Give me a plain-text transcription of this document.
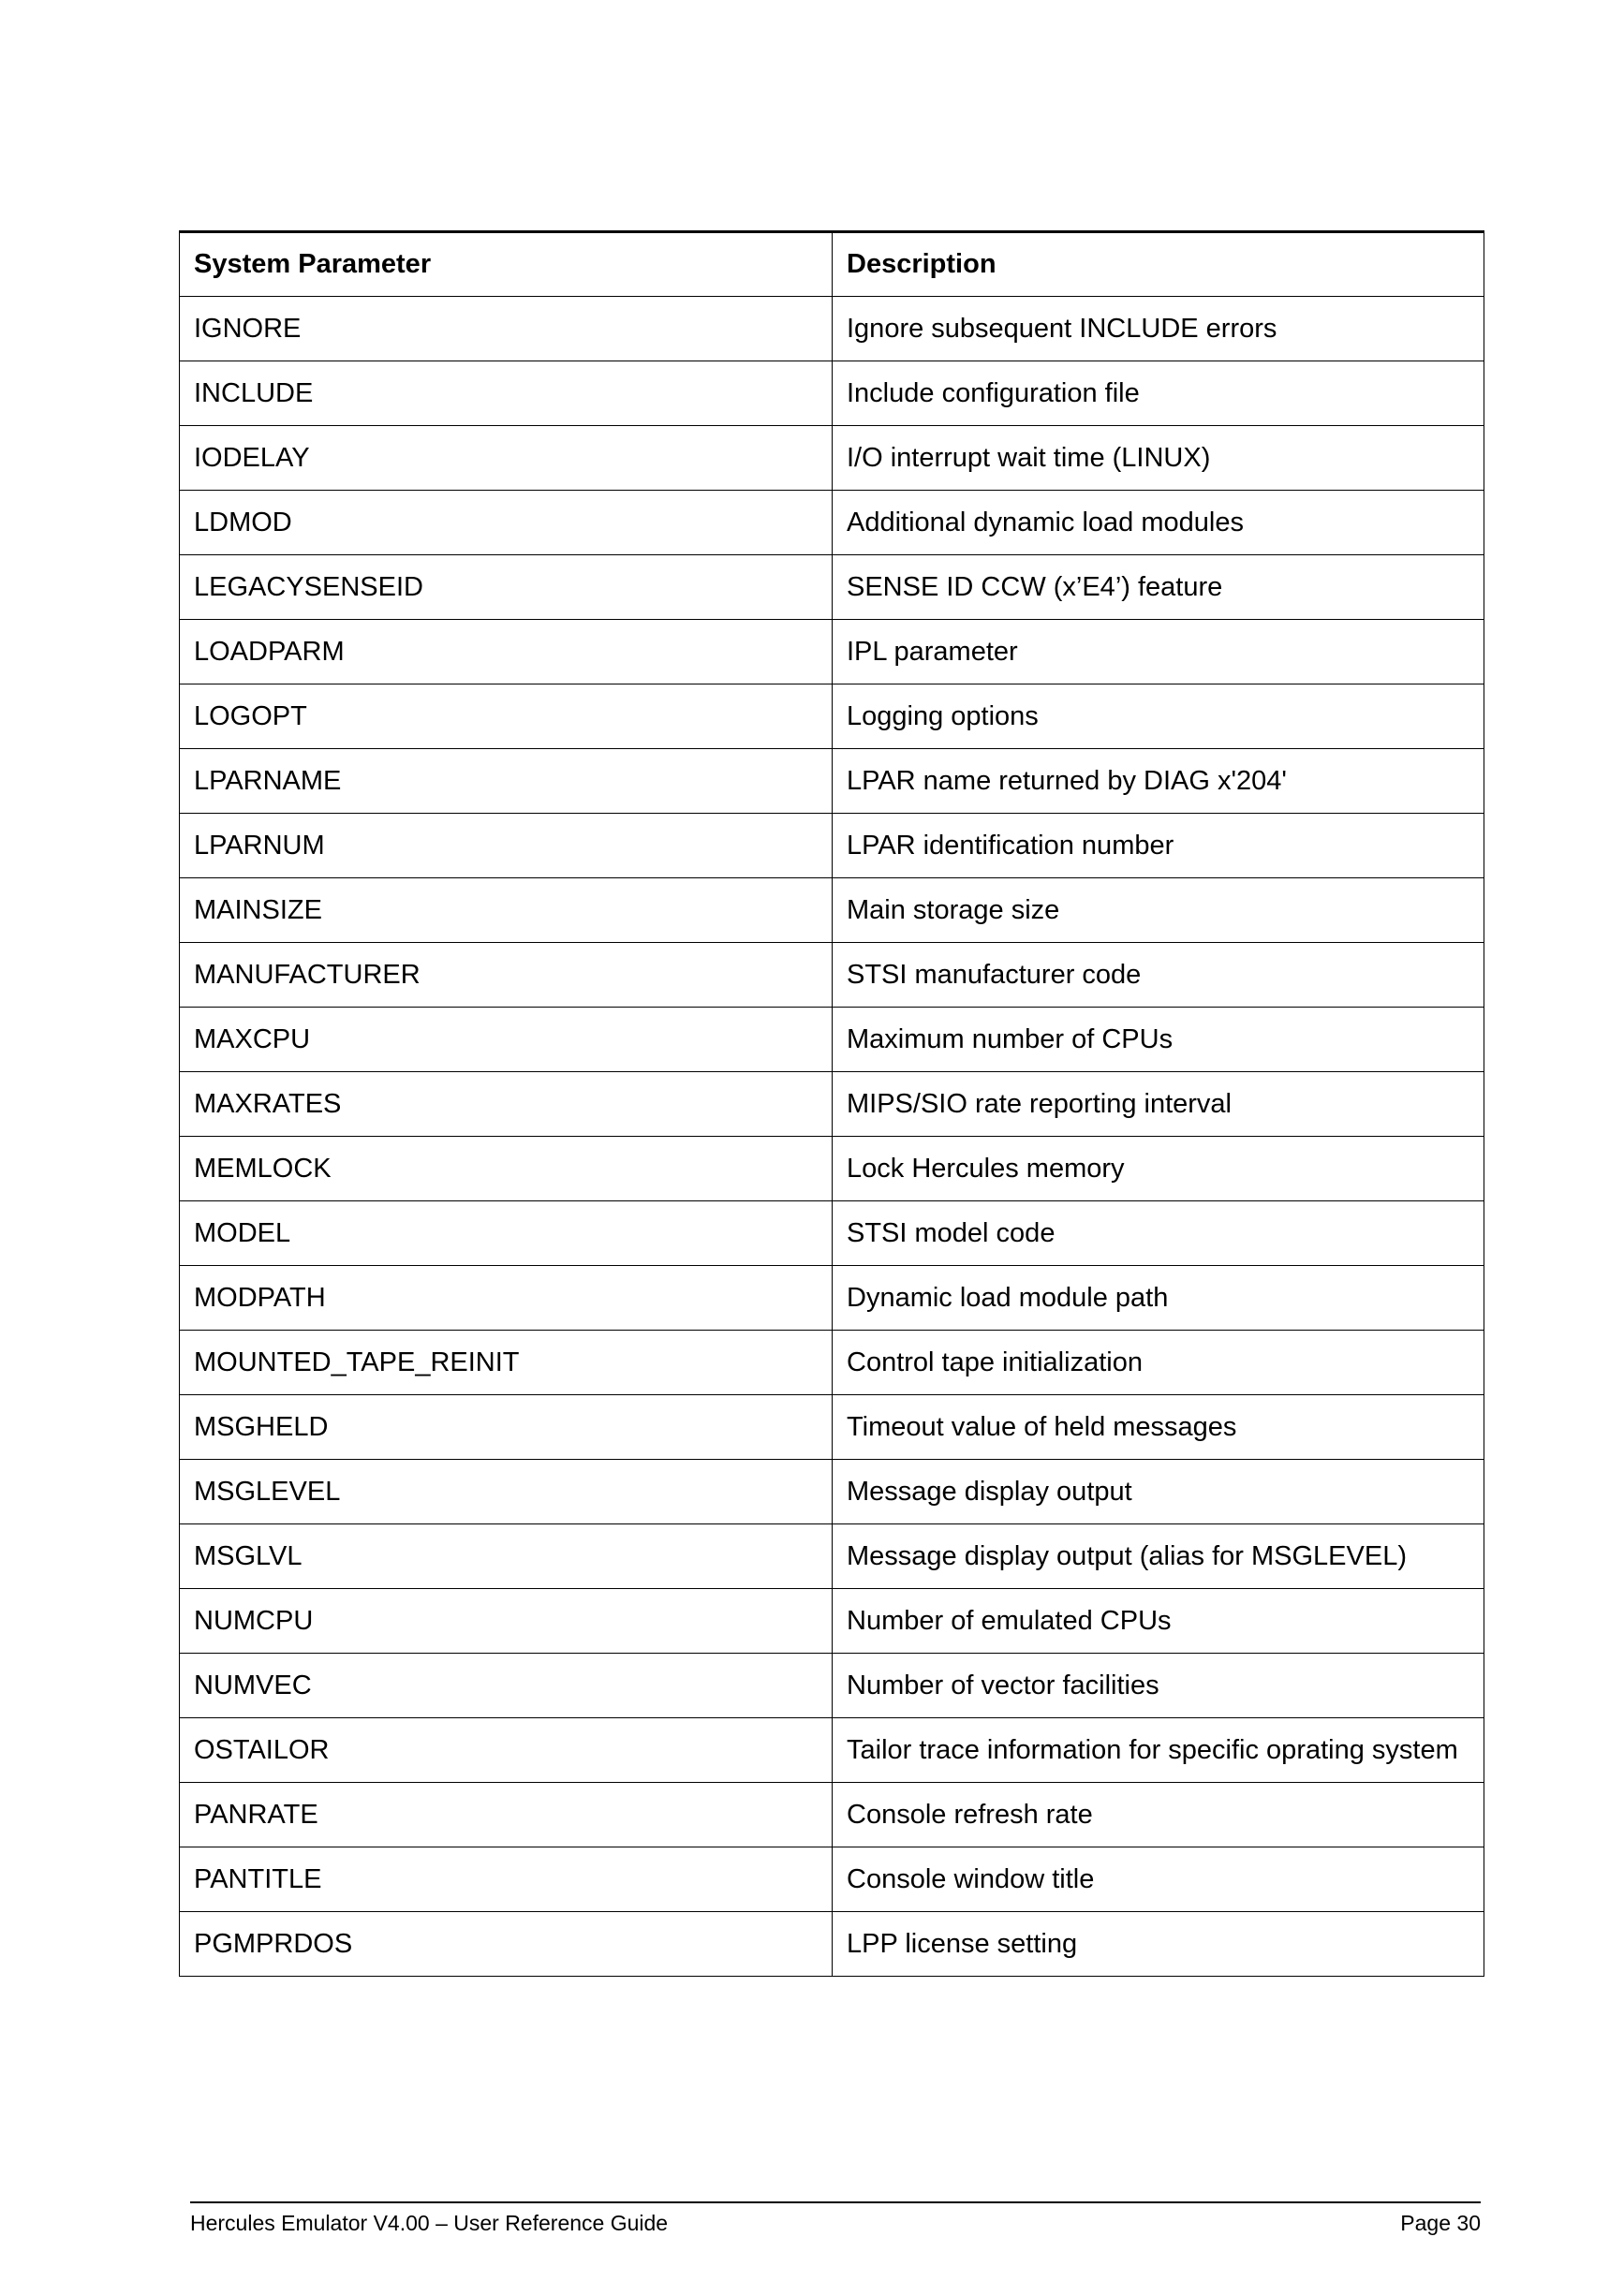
System Parameter	Description
IGNORE	Ignore subsequent INCLUDE errors
INCLUDE	Include configuration file
IODELAY	I/O interrupt wait time (LINUX)
LDMOD	Additional dynamic load modules
LEGACYSENSEID	SENSE ID CCW (x’E4’) feature
LOADPARM	IPL parameter
LOGOPT	Logging options
LPARNAME	LPAR name returned by DIAG x'204'
LPARNUM	LPAR identification number
MAINSIZE	Main storage size
MANUFACTURER	STSI manufacturer code
MAXCPU	Maximum number of CPUs
MAXRATES	MIPS/SIO rate reporting interval
MEMLOCK	Lock Hercules memory
MODEL	STSI model code
MODPATH	Dynamic load module path
MOUNTED_TAPE_REINIT	Control tape initialization
MSGHELD	Timeout value of held messages
MSGLEVEL	Message display output
MSGLVL	Message display output (alias for MSGLEVEL)
NUMCPU	Number of emulated CPUs
NUMVEC	Number of vector facilities
OSTAILOR	Tailor trace information for specific oprating system
PANRATE	Console refresh rate
PANTITLE	Console window title
PGMPRDOS	LPP license setting
Hercules Emulator V4.00 – User Reference Guide	Page 30
